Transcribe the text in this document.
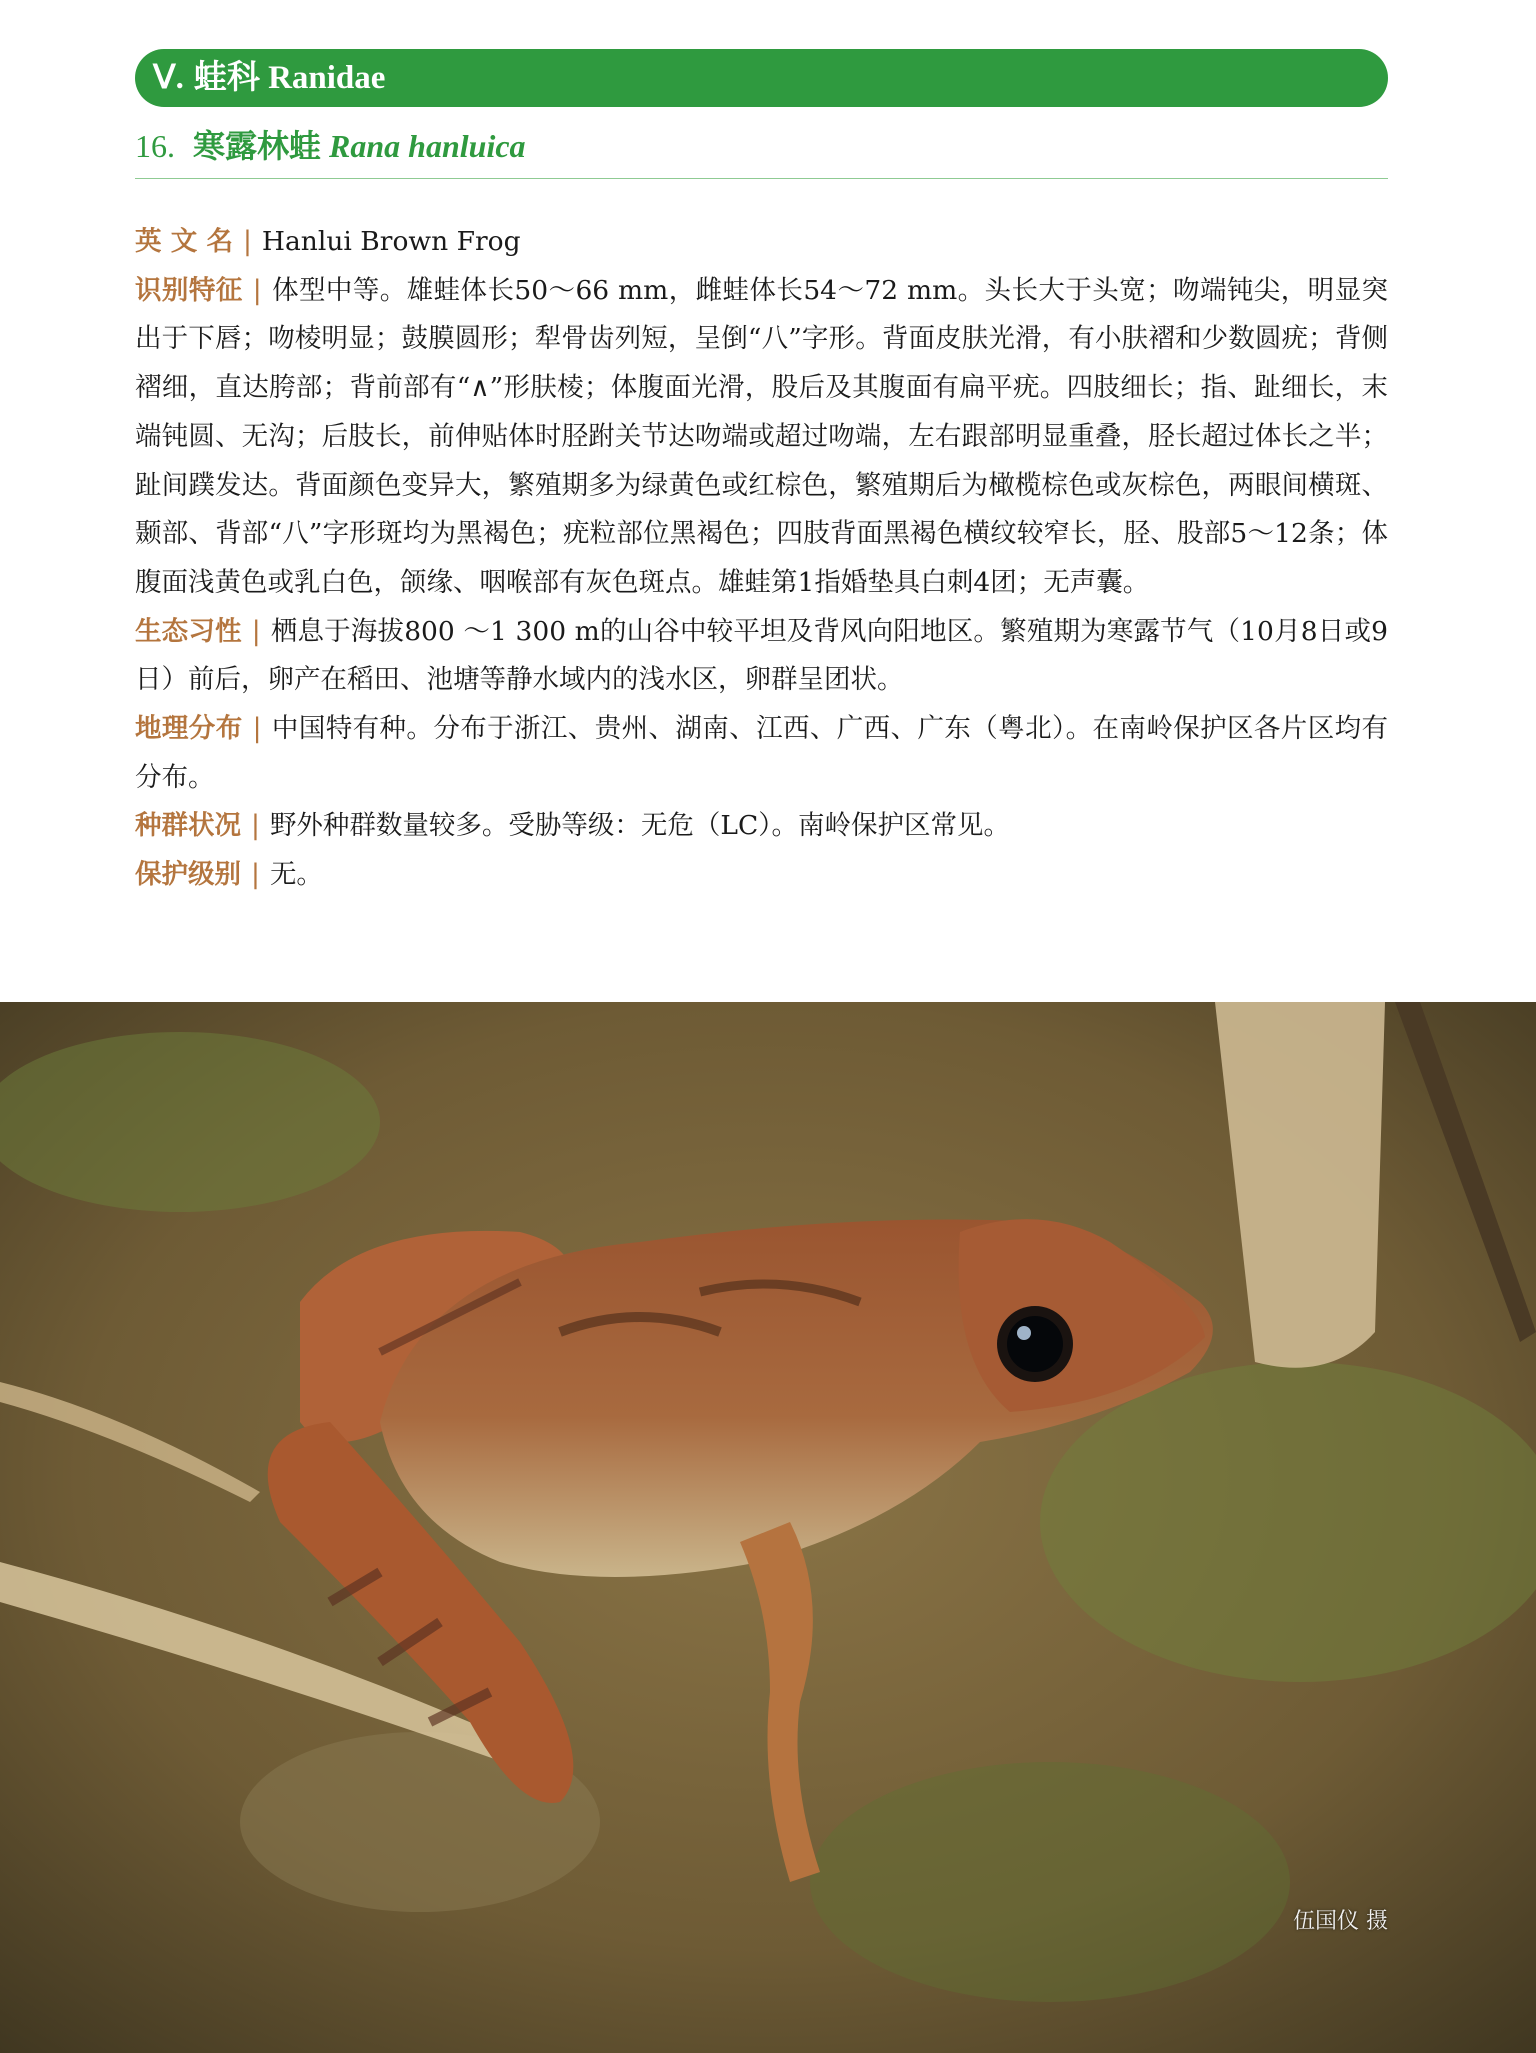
Ⅴ. 蛙科 Ranidae
16. 寒露林蛙 Rana hanluica

英 文 名 | Hanlui Brown Frog

识别特征 | 体型中等。雄蛙体长50～66 mm，雌蛙体长54～72 mm。头长大于头宽；吻端钝尖，明显突出于下唇；吻棱明显；鼓膜圆形；犁骨齿列短，呈倒“八”字形。背面皮肤光滑，有小肤褶和少数圆疣；背侧褶细，直达胯部；背前部有“∧”形肤棱；体腹面光滑，股后及其腹面有扁平疣。四肢细长；指、趾细长，末端钝圆、无沟；后肢长，前伸贴体时胫跗关节达吻端或超过吻端，左右跟部明显重叠，胫长超过体长之半；趾间蹼发达。背面颜色变异大，繁殖期多为绿黄色或红棕色，繁殖期后为橄榄棕色或灰棕色，两眼间横斑、颞部、背部“八”字形斑均为黑褐色；疣粒部位黑褐色；四肢背面黑褐色横纹较窄长，胫、股部5～12条；体腹面浅黄色或乳白色，颌缘、咽喉部有灰色斑点。雄蛙第1指婚垫具白刺4团；无声囊。

生态习性 | 栖息于海拔800 ～1 300 m的山谷中较平坦及背风向阳地区。繁殖期为寒露节气（10月8日或9日）前后，卵产在稻田、池塘等静水域内的浅水区，卵群呈团状。

地理分布 | 中国特有种。分布于浙江、贵州、湖南、江西、广西、广东（粤北）。在南岭保护区各片区均有分布。

种群状况 | 野外种群数量较多。受胁等级：无危（LC）。南岭保护区常见。

保护级别 | 无。

伍国仪 摄
